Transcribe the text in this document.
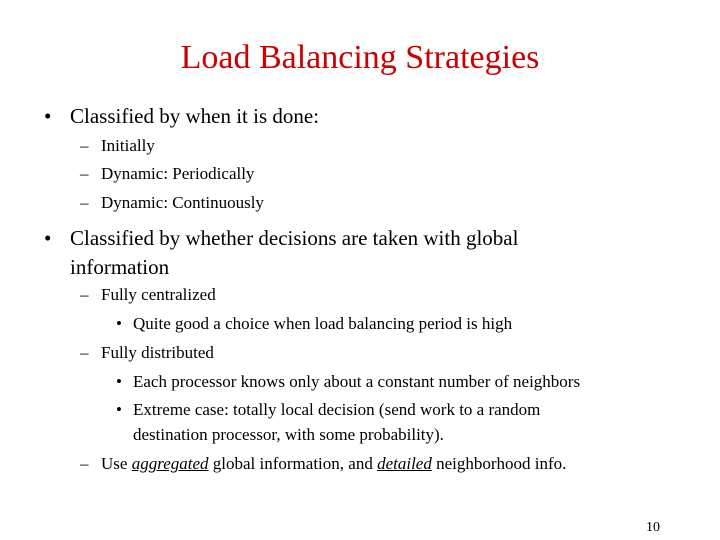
Load Balancing Strategies
• Classified by when it is done:
– Initially
– Dynamic: Periodically
– Dynamic: Continuously
• Classified by whether decisions are taken with global
information
– Fully centralized
• Quite good a choice when load balancing period is high
– Fully distributed
• Each processor knows only about a constant number of neighbors
• Extreme case: totally local decision (send work to a random
destination processor, with some probability).
– Use aggregated global information, and detailed neighborhood info.
10
